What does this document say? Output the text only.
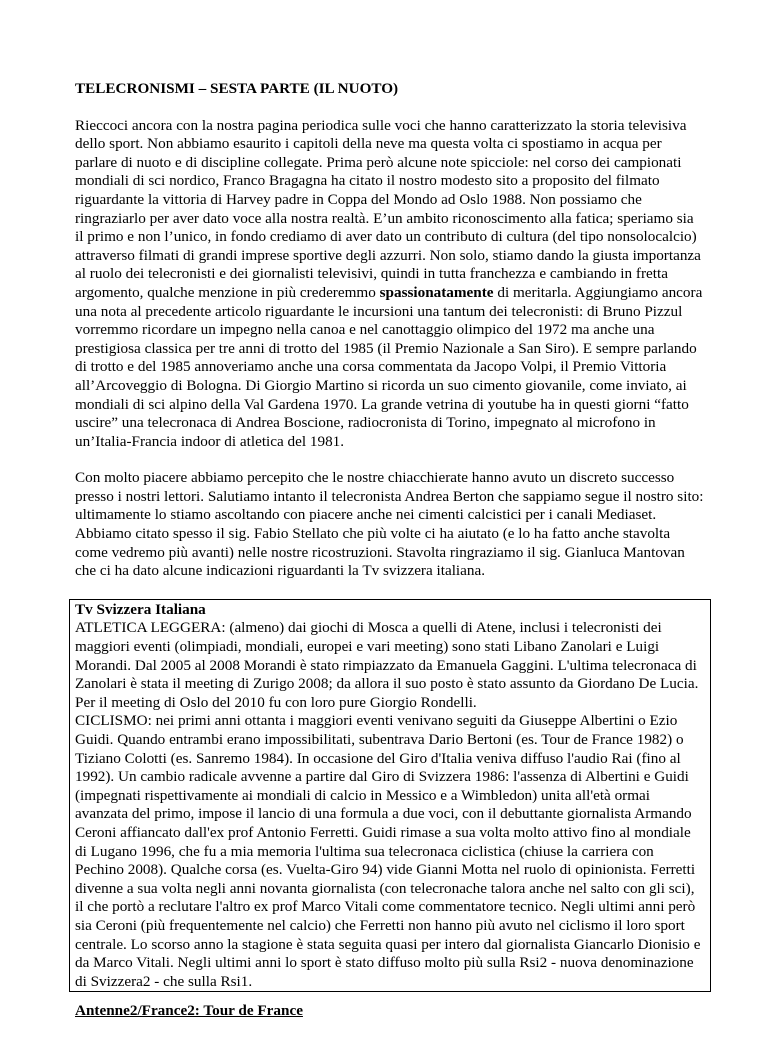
TELECRONISMI – SESTA PARTE (IL NUOTO)

Rieccoci ancora con la nostra pagina periodica sulle voci che hanno caratterizzato la storia televisiva dello sport. Non abbiamo esaurito i capitoli della neve ma questa volta ci spostiamo in acqua per parlare di nuoto e di discipline collegate. Prima però alcune note spicciole: nel corso dei campionati mondiali di sci nordico, Franco Bragagna ha citato il nostro modesto sito a proposito del filmato riguardante la vittoria di Harvey padre in Coppa del Mondo ad Oslo 1988. Non possiamo che ringraziarlo per aver dato voce alla nostra realtà. E’un ambito riconoscimento alla fatica; speriamo sia il primo e non l’unico, in fondo crediamo di aver dato un contributo di cultura (del tipo nonsolocalcio) attraverso filmati di grandi imprese sportive degli azzurri. Non solo, stiamo dando la giusta importanza al ruolo dei telecronisti e dei giornalisti televisivi, quindi in tutta franchezza e cambiando in fretta argomento, qualche menzione in più crederemmo spassionatamente di meritarla. Aggiungiamo ancora una nota al precedente articolo riguardante le incursioni una tantum dei telecronisti: di Bruno Pizzul vorremmo ricordare un impegno nella canoa e nel canottaggio olimpico del 1972 ma anche una prestigiosa classica per tre anni di trotto del 1985 (il Premio Nazionale a San Siro). E sempre parlando di trotto e del 1985 annoveriamo anche una corsa commentata da Jacopo Volpi, il Premio Vittoria all’Arcoveggio di Bologna. Di Giorgio Martino si ricorda un suo cimento giovanile, come inviato, ai mondiali di sci alpino della Val Gardena 1970. La grande vetrina di youtube ha in questi giorni “fatto uscire” una telecronaca di Andrea Boscione, radiocronista di Torino, impegnato al microfono in un’Italia-Francia indoor di atletica del 1981.

Con molto piacere abbiamo percepito che le nostre chiacchierate hanno avuto un discreto successo presso i nostri lettori. Salutiamo intanto il telecronista Andrea Berton che sappiamo segue il nostro sito: ultimamente lo stiamo ascoltando con piacere anche nei cimenti calcistici per i canali Mediaset. Abbiamo citato spesso il sig. Fabio Stellato che più volte ci ha aiutato (e lo ha fatto anche stavolta come vedremo più avanti) nelle nostre ricostruzioni. Stavolta ringraziamo il sig. Gianluca Mantovan che ci ha dato alcune indicazioni riguardanti la Tv svizzera italiana.

Tv Svizzera Italiana

ATLETICA LEGGERA: (almeno) dai giochi di Mosca a quelli di Atene, inclusi i telecronisti dei maggiori eventi (olimpiadi, mondiali, europei e vari meeting) sono stati Libano Zanolari e Luigi Morandi. Dal 2005 al 2008 Morandi è stato rimpiazzato da Emanuela Gaggini. L'ultima telecronaca di Zanolari è stata il meeting di Zurigo 2008; da allora il suo posto è stato assunto da Giordano De Lucia. Per il meeting di Oslo del 2010 fu con loro pure Giorgio Rondelli.

CICLISMO: nei primi anni ottanta i maggiori eventi venivano seguiti da Giuseppe Albertini o Ezio Guidi. Quando entrambi erano impossibilitati, subentrava Dario Bertoni (es. Tour de France 1982) o Tiziano Colotti (es. Sanremo 1984). In occasione del Giro d'Italia veniva diffuso l'audio Rai (fino al 1992). Un cambio radicale avvenne a partire dal Giro di Svizzera 1986: l'assenza di Albertini e Guidi (impegnati rispettivamente ai mondiali di calcio in Messico e a Wimbledon) unita all'età ormai avanzata del primo, impose il lancio di una formula a due voci, con il debuttante giornalista Armando Ceroni affiancato dall'ex prof Antonio Ferretti. Guidi rimase a sua volta molto attivo fino al mondiale di Lugano 1996, che fu a mia memoria l'ultima sua telecronaca ciclistica (chiuse la carriera con Pechino 2008). Qualche corsa (es. Vuelta-Giro 94) vide Gianni Motta nel ruolo di opinionista. Ferretti divenne a sua volta negli anni novanta giornalista (con telecronache talora anche nel salto con gli sci), il che portò a reclutare l'altro ex prof Marco Vitali come commentatore tecnico. Negli ultimi anni però sia Ceroni (più frequentemente nel calcio) che Ferretti non hanno più avuto nel ciclismo il loro sport centrale. Lo scorso anno la stagione è stata seguita quasi per intero dal giornalista Giancarlo Dionisio e da Marco Vitali. Negli ultimi anni lo sport è stato diffuso molto più sulla Rsi2 - nuova denominazione di Svizzera2 - che sulla Rsi1.

Antenne2/France2: Tour de France
